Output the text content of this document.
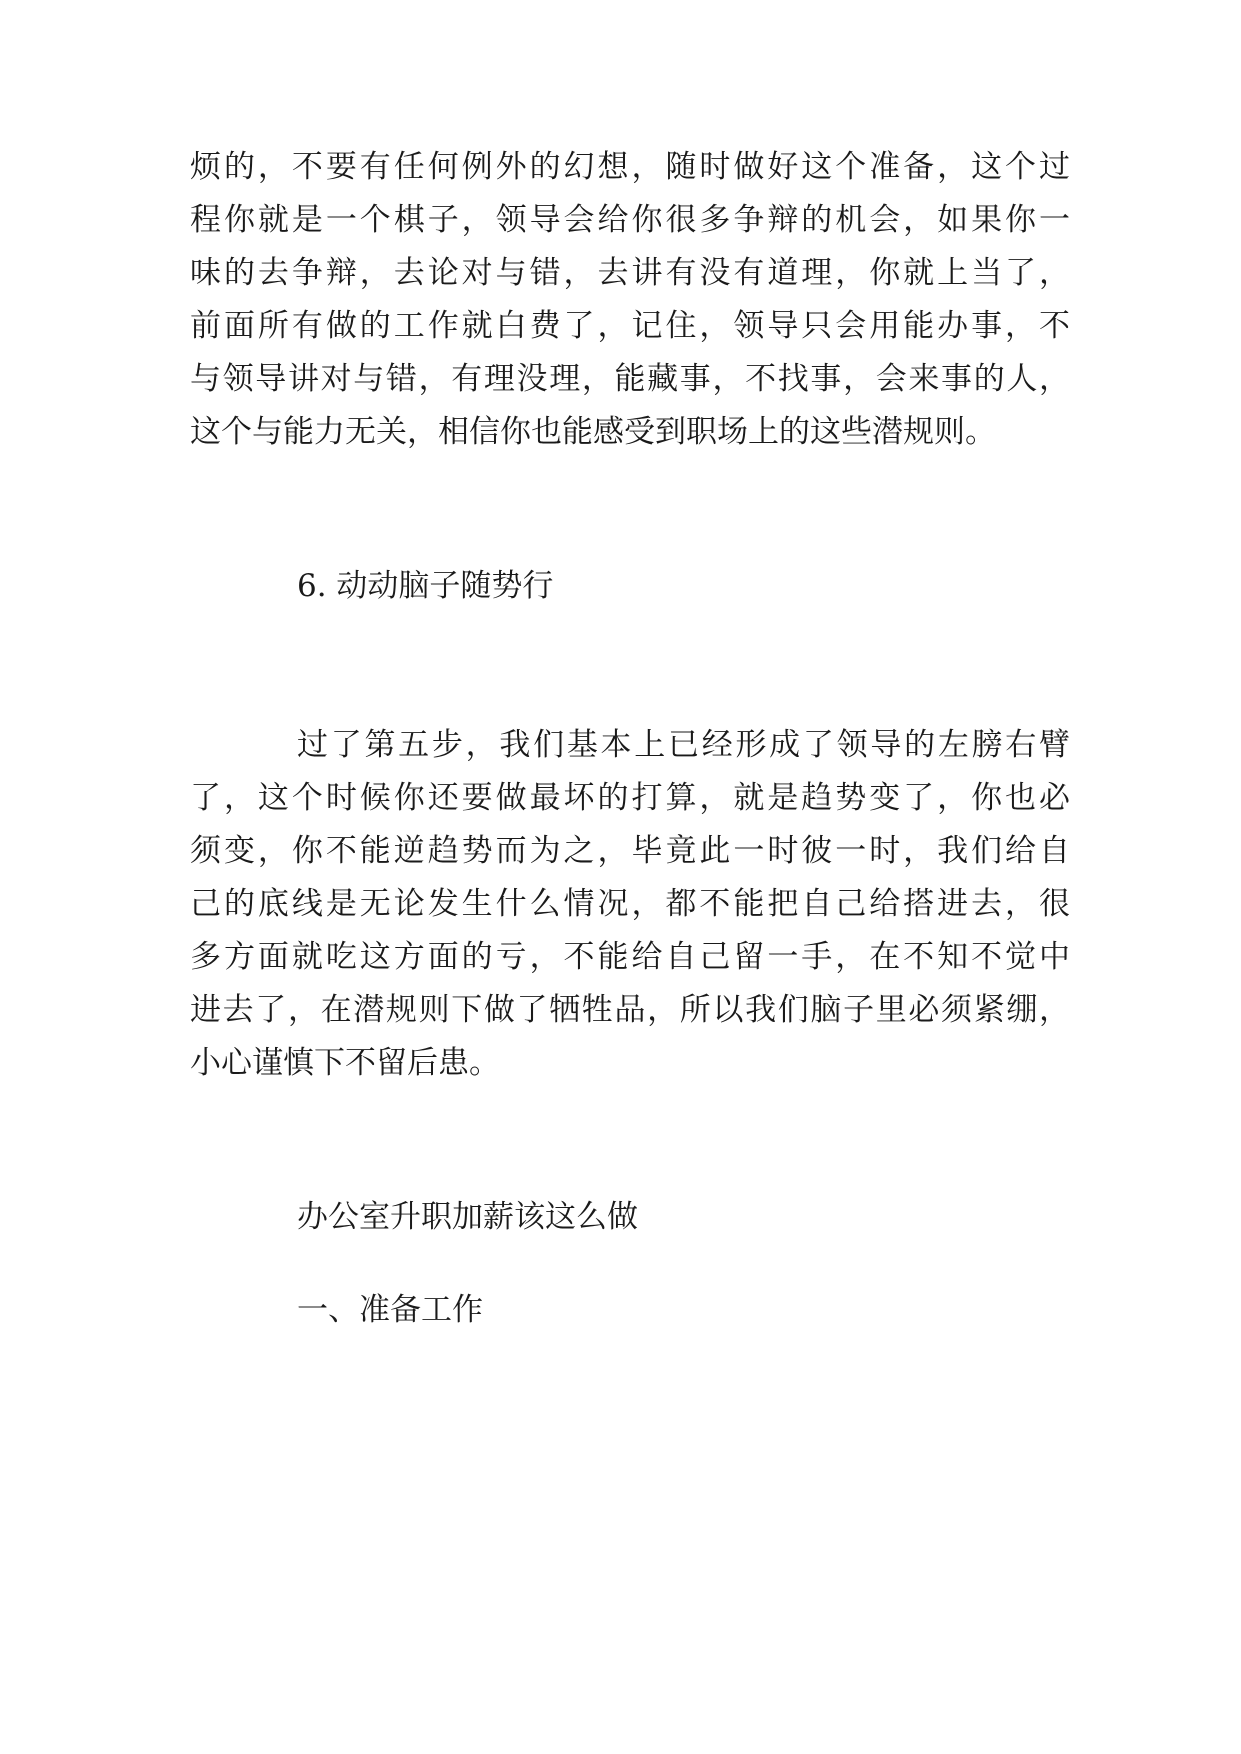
烦的，不要有任何例外的幻想，随时做好这个准备，这个过
程你就是一个棋子，领导会给你很多争辩的机会，如果你一
味的去争辩，去论对与错，去讲有没有道理，你就上当了，
前面所有做的工作就白费了，记住，领导只会用能办事，不
与领导讲对与错，有理没理，能藏事，不找事，会来事的人，
这个与能力无关，相信你也能感受到职场上的这些潜规则。
6. 动动脑子随势行
过了第五步，我们基本上已经形成了领导的左膀右臂
了，这个时候你还要做最坏的打算，就是趋势变了，你也必
须变，你不能逆趋势而为之，毕竟此一时彼一时，我们给自
己的底线是无论发生什么情况，都不能把自己给搭进去，很
多方面就吃这方面的亏，不能给自己留一手，在不知不觉中
进去了，在潜规则下做了牺牲品，所以我们脑子里必须紧绷，
小心谨慎下不留后患。
办公室升职加薪该这么做
一、准备工作
